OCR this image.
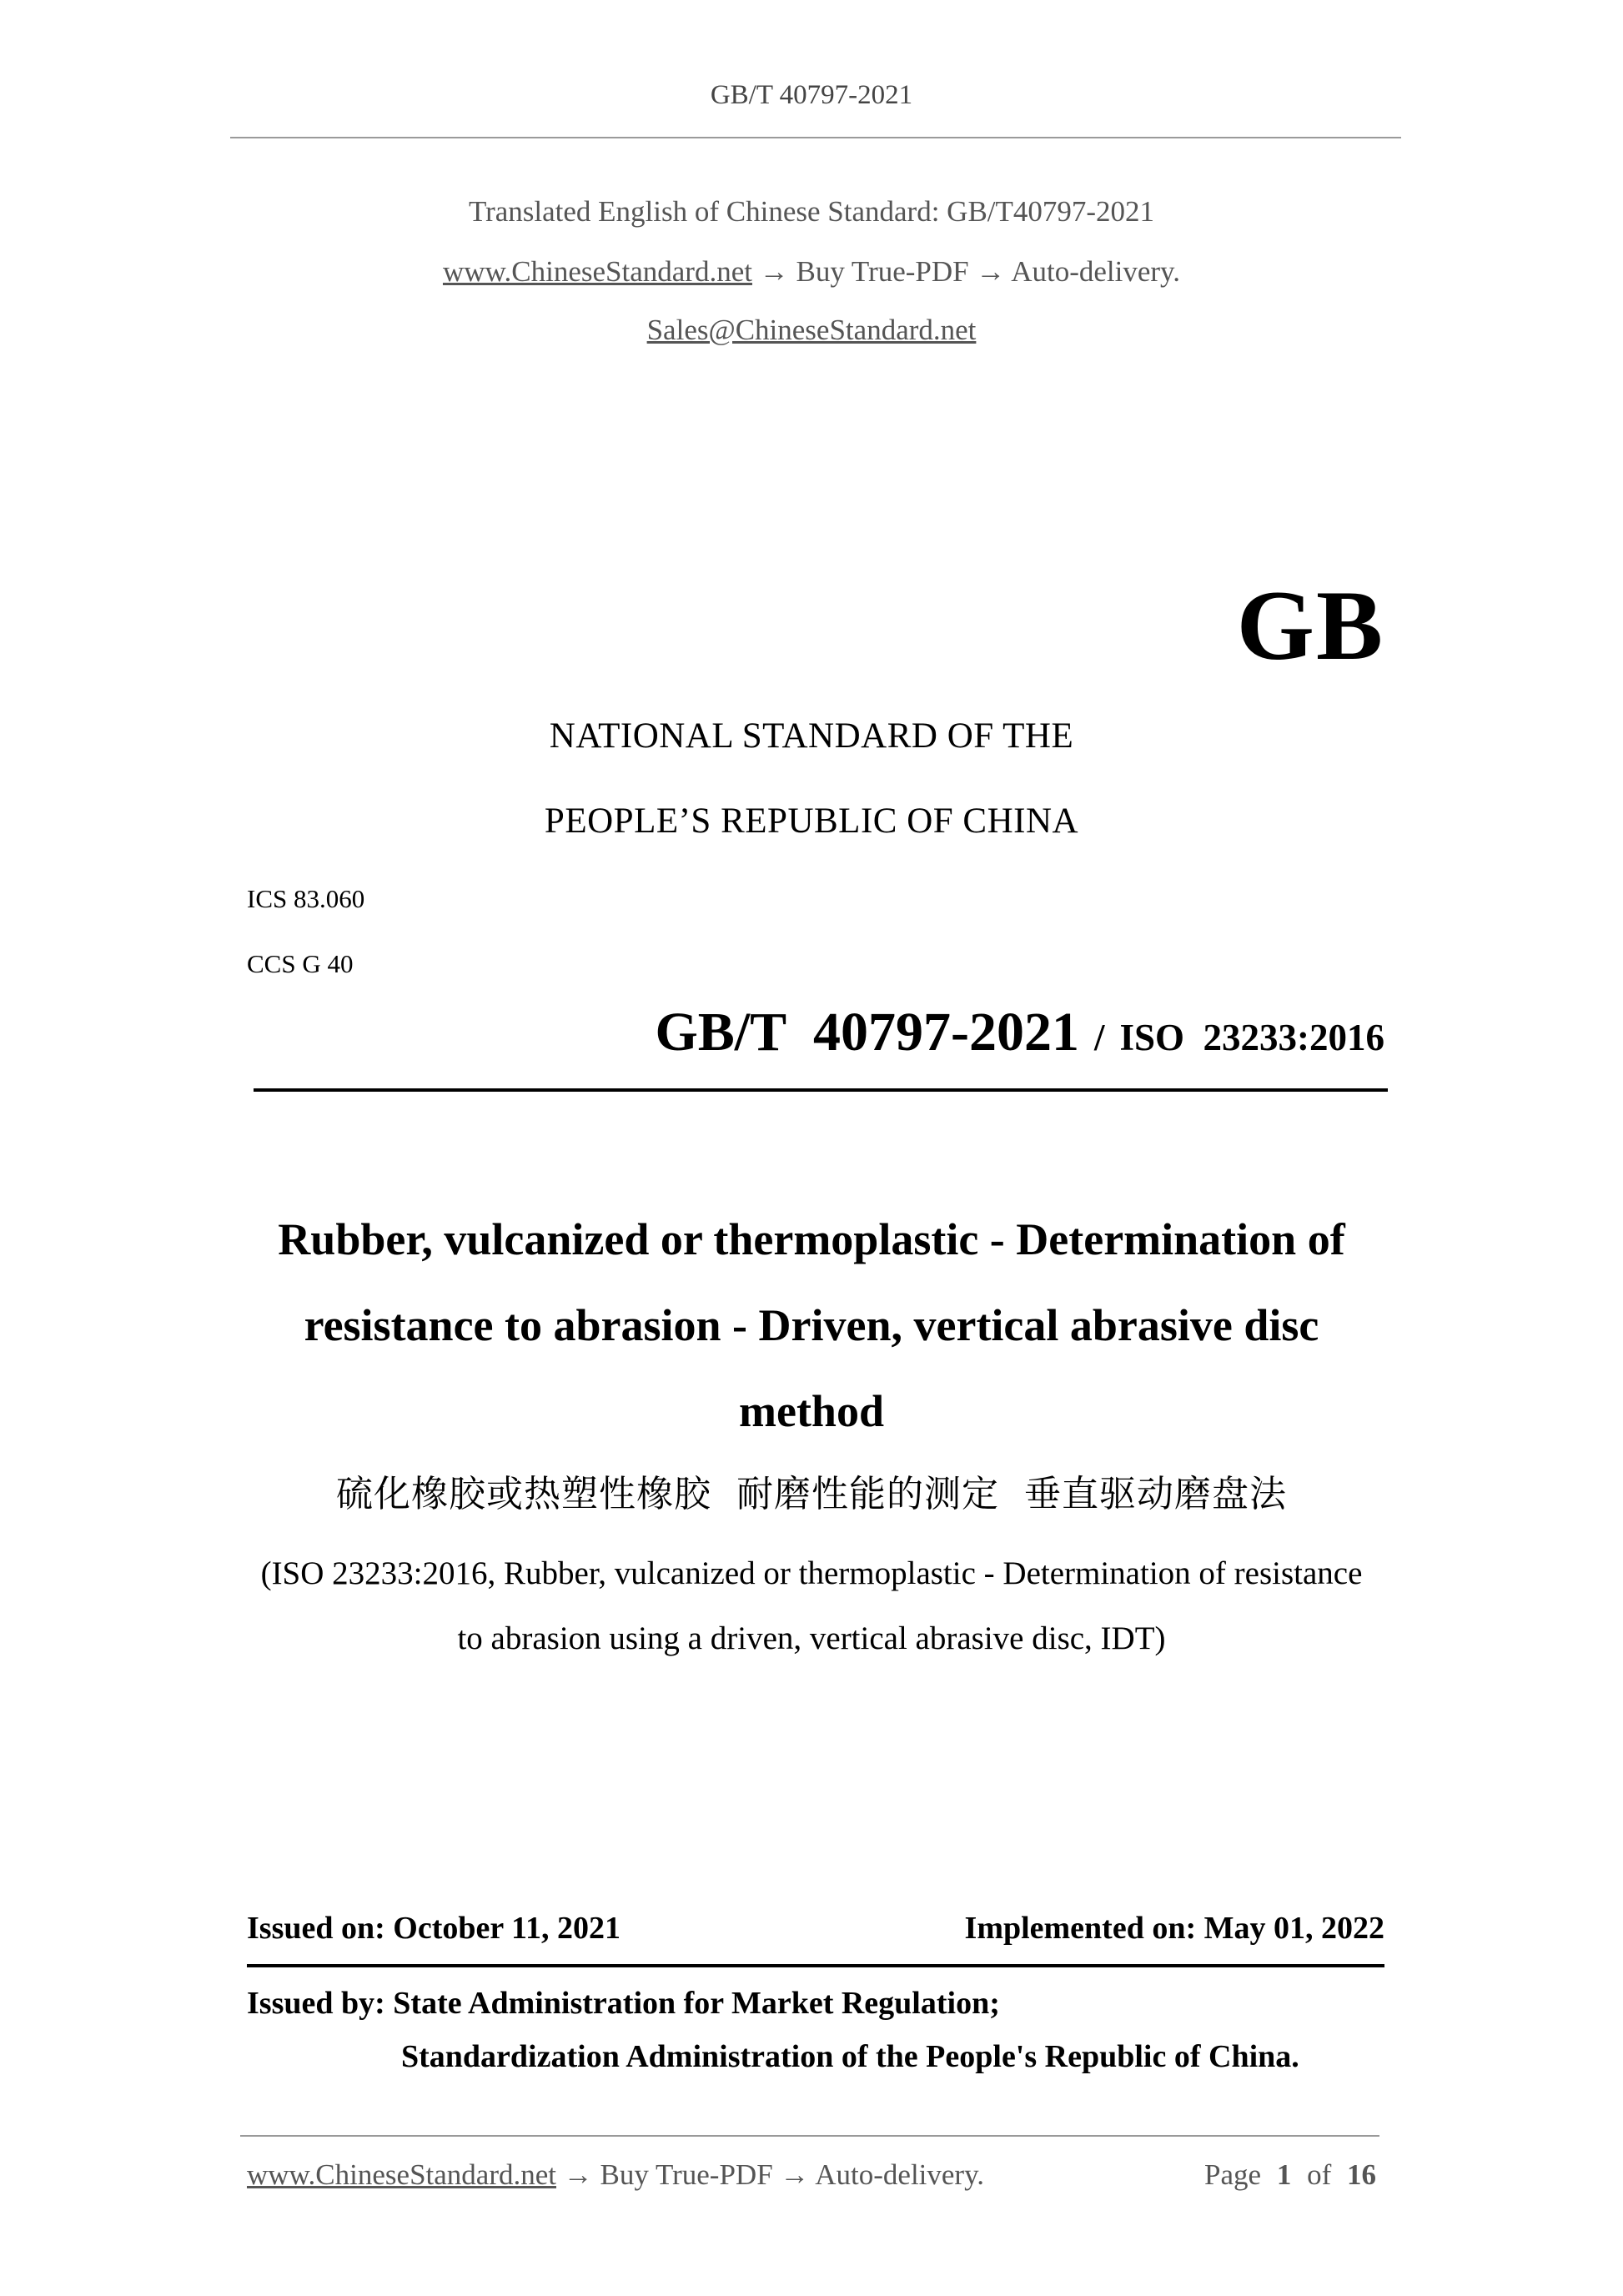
GB/T 40797-2021
Translated English of Chinese Standard: GB/T40797-2021
www.ChineseStandard.net → Buy True-PDF → Auto-delivery.
Sales@ChineseStandard.net
GB
NATIONAL STANDARD OF THE
PEOPLE’S REPUBLIC OF CHINA
ICS 83.060
CCS G 40
GB/T  40797-2021 / ISO  23233:2016
Rubber, vulcanized or thermoplastic - Determination of
resistance to abrasion - Driven, vertical abrasive disc
method
硫化橡胶或热塑性橡胶  耐磨性能的测定  垂直驱动磨盘法
(ISO 23233:2016, Rubber, vulcanized or thermoplastic - Determination of resistance
to abrasion using a driven, vertical abrasive disc, IDT)
Issued on: October 11, 2021	Implemented on: May 01, 2022
Issued by: State Administration for Market Regulation;
Standardization Administration of the People's Republic of China.
www.ChineseStandard.net → Buy True-PDF → Auto-delivery.	Page 1 of 16
